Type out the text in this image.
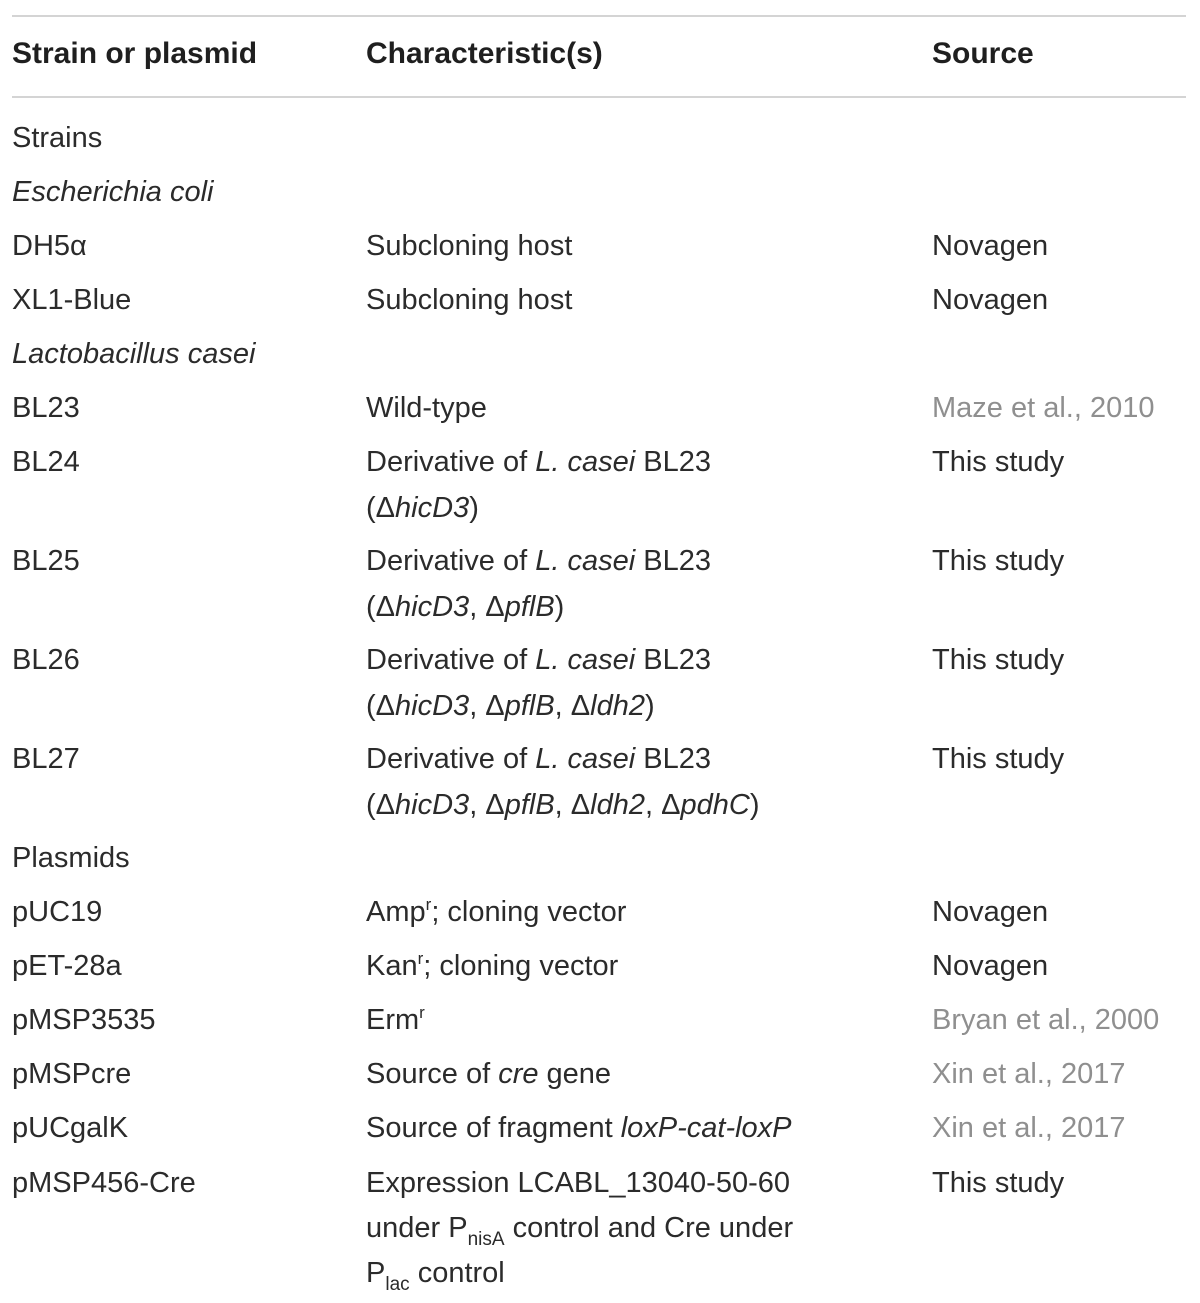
Strain or plasmid	Characteristic(s)	Source
Strains
Escherichia coli
DH5α	Subcloning host	Novagen
XL1-Blue	Subcloning host	Novagen
Lactobacillus casei
BL23	Wild-type	Maze et al., 2010
BL24	Derivative of L. casei BL23	This study
(ΔhicD3)
BL25	Derivative of L. casei BL23	This study
(ΔhicD3, ΔpflB)
BL26	Derivative of L. casei BL23	This study
(ΔhicD3, ΔpflB, Δldh2)
BL27	Derivative of L. casei BL23	This study
(ΔhicD3, ΔpflB, Δldh2, ΔpdhC)
Plasmids
pUC19	Amp$^r$; cloning vector	Novagen
pET-28a	Kan$^r$; cloning vector	Novagen
pMSP3535	Erm$^r$	Bryan et al., 2000
pMSPcre	Source of cre gene	Xin et al., 2017
pUCgalK	Source of fragment loxP-cat-loxP	Xin et al., 2017
pMSP456-Cre	Expression LCABL_13040-50-60	This study
under $P_{nisA}$ control and Cre under
$P_{lac}$ control
